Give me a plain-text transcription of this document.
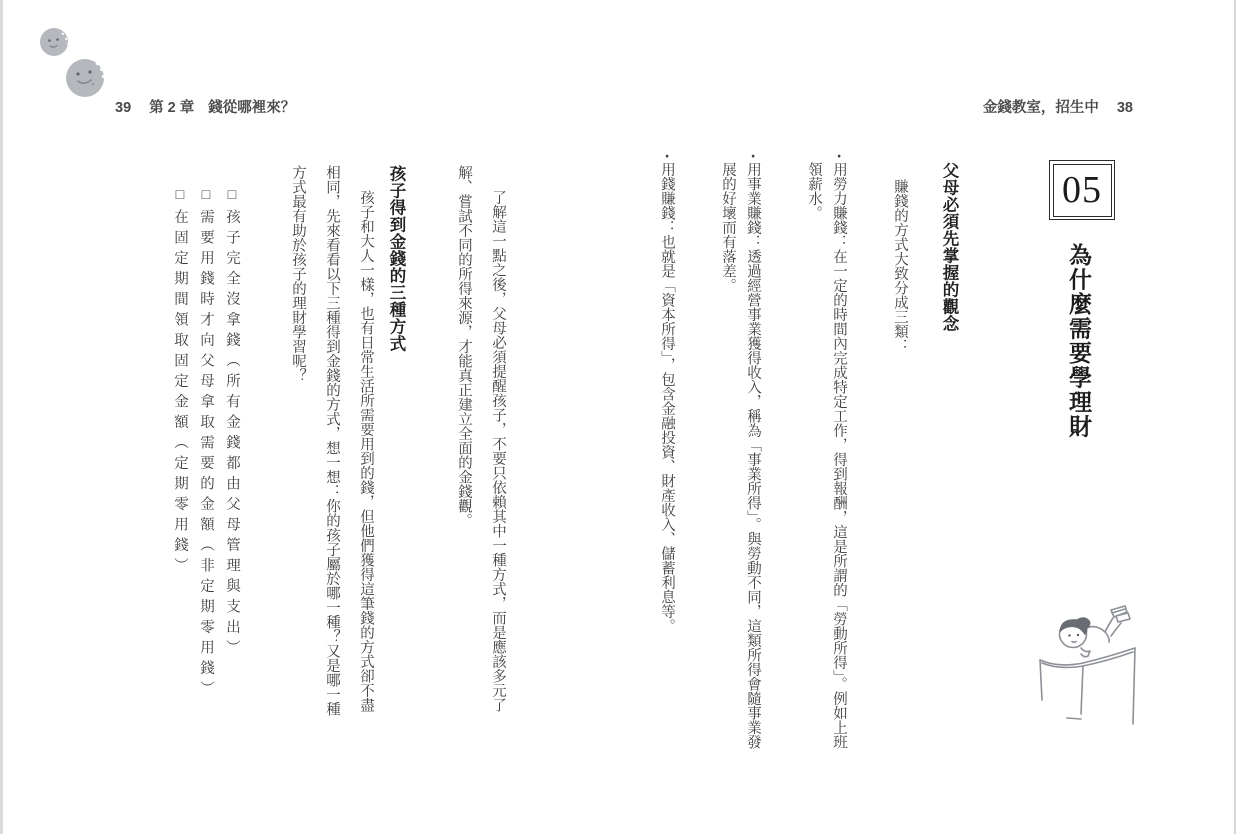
39 第 2 章 錢從哪裡來？	金錢教室，招生中 38
05
為什麼需要學理財
父母必須先掌握的觀念

賺錢的方式大致分成三類：

•用勞力賺錢：在一定的時間內完成特定工作，得到報酬，這是所謂的「勞動所得」。例如上班領薪水。

•用事業賺錢：透過經營事業獲得收入，稱為「事業所得」。與勞動不同，這類所得會隨事業發展的好壞而有落差。

•用錢賺錢：也就是「資本所得」，包含金融投資、財產收入、儲蓄利息等。

了解這一點之後，父母必須提醒孩子，不要只依賴其中一種方式，而是應該多元了解、嘗試不同的所得來源，才能真正建立全面的金錢觀。

孩子得到金錢的三種方式

孩子和大人一樣，也有日常生活所需要用到的錢，但他們獲得這筆錢的方式卻不盡相同，先來看看以下三種得到金錢的方式，想一想：你的孩子屬於哪一種？又是哪一種方式最有助於孩子的理財學習呢？

□孩子完全沒拿錢（所有金錢都由父母管理與支出）
□需要用錢時才向父母拿取需要的金額（非定期零用錢）
□在固定期間領取固定金額（定期零用錢）
